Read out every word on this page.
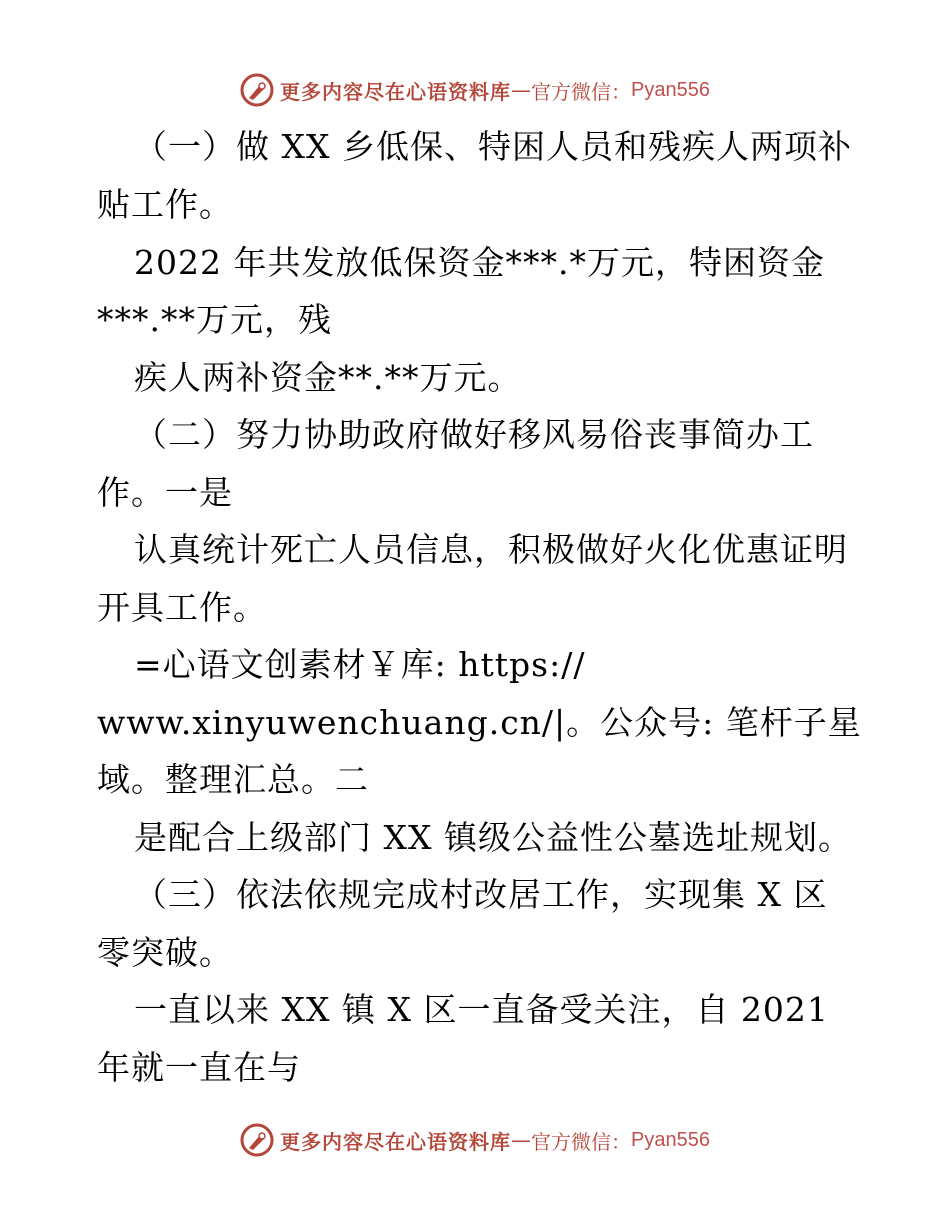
更多内容尽在心语资料库 — 官方微信： Pyan556
（一）做 XX 乡低保、特困人员和残疾人两项补
贴工作。
2022 年共发放低保资金***.*万元，特困资金
***.**万元，残
疾人两补资金**.**万元。
（二）努力协助政府做好移风易俗丧事简办工
作。一是
认真统计死亡人员信息，积极做好火化优惠证明
开具工作。
=心语文创素材￥库: https://
www.xinyuwenchuang.cn/|。公众号: 笔杆子星
域。整理汇总。二
是配合上级部门 XX 镇级公益性公墓选址规划。
（三）依法依规完成村改居工作，实现集 X 区
零突破。
一直以来 XX 镇 X 区一直备受关注，自 2021
年就一直在与
更多内容尽在心语资料库 — 官方微信： Pyan556
